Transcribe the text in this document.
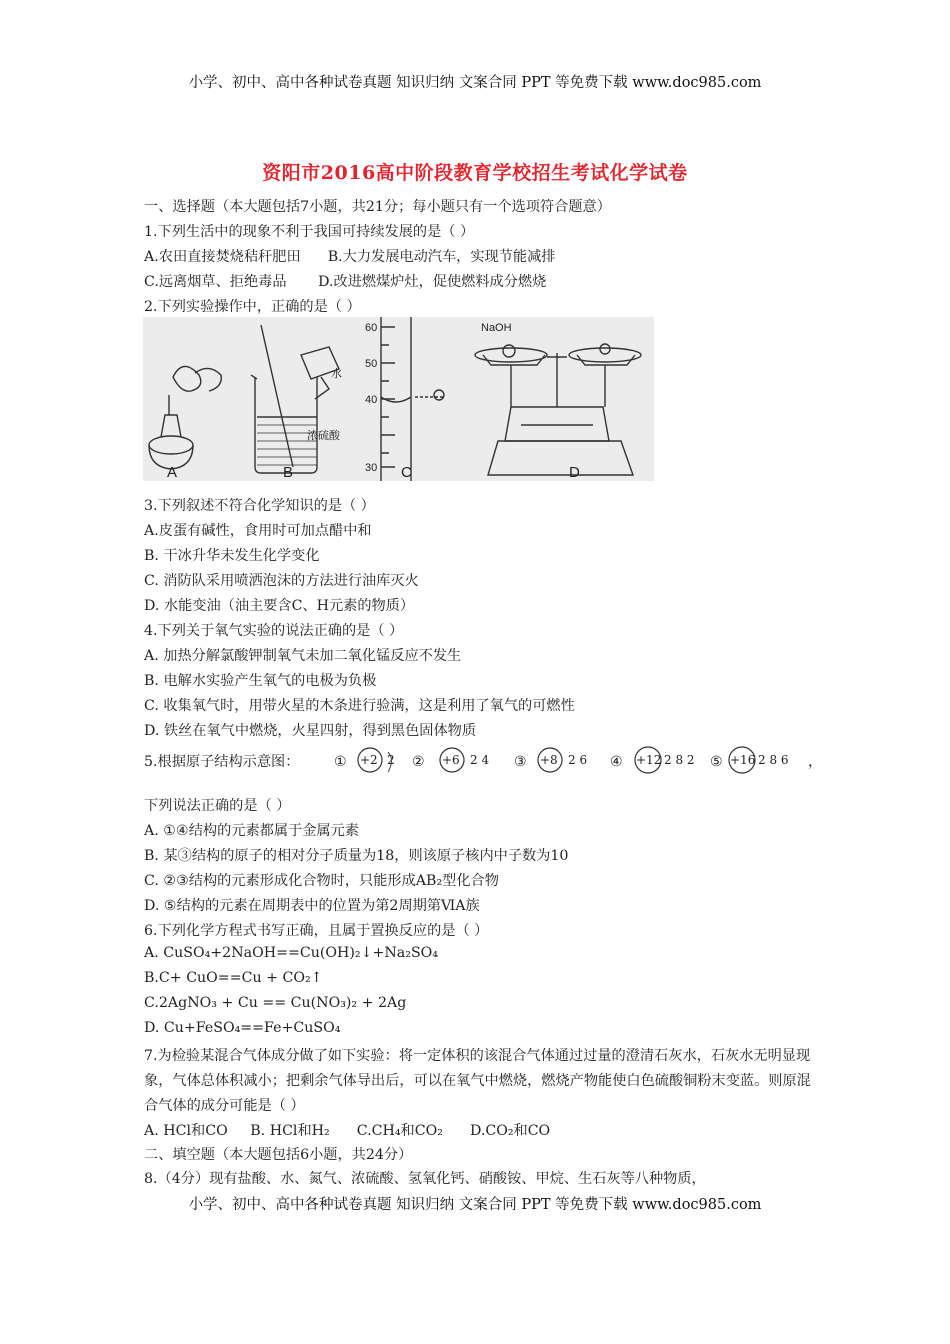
小学、初中、高中各种试卷真题 知识归纳 文案合同 PPT 等免费下载 www.doc985.com
资阳市2016高中阶段教育学校招生考试化学试卷
一、选择题（本大题包括7小题，共21分；每小题只有一个选项符合题意）
1.下列生活中的现象不利于我国可持续发展的是（ ）
A.农田直接焚烧秸秆肥田      B.大力发展电动汽车，实现节能减排
C.远离烟草、拒绝毒品       D.改进燃煤炉灶，促使燃料成分燃烧
2.下列实验操作中，正确的是（ ）
水
浓硫酸
NaOH
60
50
40
30
A	B	C	D
3.下列叙述不符合化学知识的是（ ）
A.皮蛋有碱性，食用时可加点醋中和
B. 干冰升华未发生化学变化
C. 消防队采用喷洒泡沫的方法进行油库灭火
D. 水能变油（油主要含C、H元素的物质）
4.下列关于氧气实验的说法正确的是（ ）
A. 加热分解氯酸钾制氧气未加二氧化锰反应不发生
B. 电解水实验产生氧气的电极为负极
C. 收集氧气时，用带火星的木条进行验满，这是利用了氧气的可燃性
D. 铁丝在氧气中燃烧，火星四射，得到黑色固体物质
5.根据原子结构示意图： ① +2 2 ② +6 2 4 ③ +8 2 6 ④ +12 2 8 2 ⑤ +16 2 8 6 ，
下列说法正确的是（ ）
A. ①④结构的元素都属于金属元素
B. 某③结构的原子的相对分子质量为18，则该原子核内中子数为10
C. ②③结构的元素形成化合物时，只能形成AB₂型化合物
D. ⑤结构的元素在周期表中的位置为第2周期第ⅥA族
6.下列化学方程式书写正确，且属于置换反应的是（ ）
A. CuSO₄+2NaOH==Cu(OH)₂↓+Na₂SO₄
B.C+ CuO==Cu + CO₂↑
C.2AgNO₃ + Cu == Cu(NO₃)₂ + 2Ag
D. Cu+FeSO₄==Fe+CuSO₄
7.为检验某混合气体成分做了如下实验：将一定体积的该混合气体通过过量的澄清石灰水，石灰水无明显现象，气体总体积减小；把剩余气体导出后，可以在氧气中燃烧，燃烧产物能使白色硫酸铜粉末变蓝。则原混合气体的成分可能是（ ）
A. HCl和CO     B. HCl和H₂      C.CH₄和CO₂      D.CO₂和CO
二、填空题（本大题包括6小题，共24分）
8.（4分）现有盐酸、水、氮气、浓硫酸、氢氧化钙、硝酸铵、甲烷、生石灰等八种物质，
小学、初中、高中各种试卷真题 知识归纳 文案合同 PPT 等免费下载 www.doc985.com
